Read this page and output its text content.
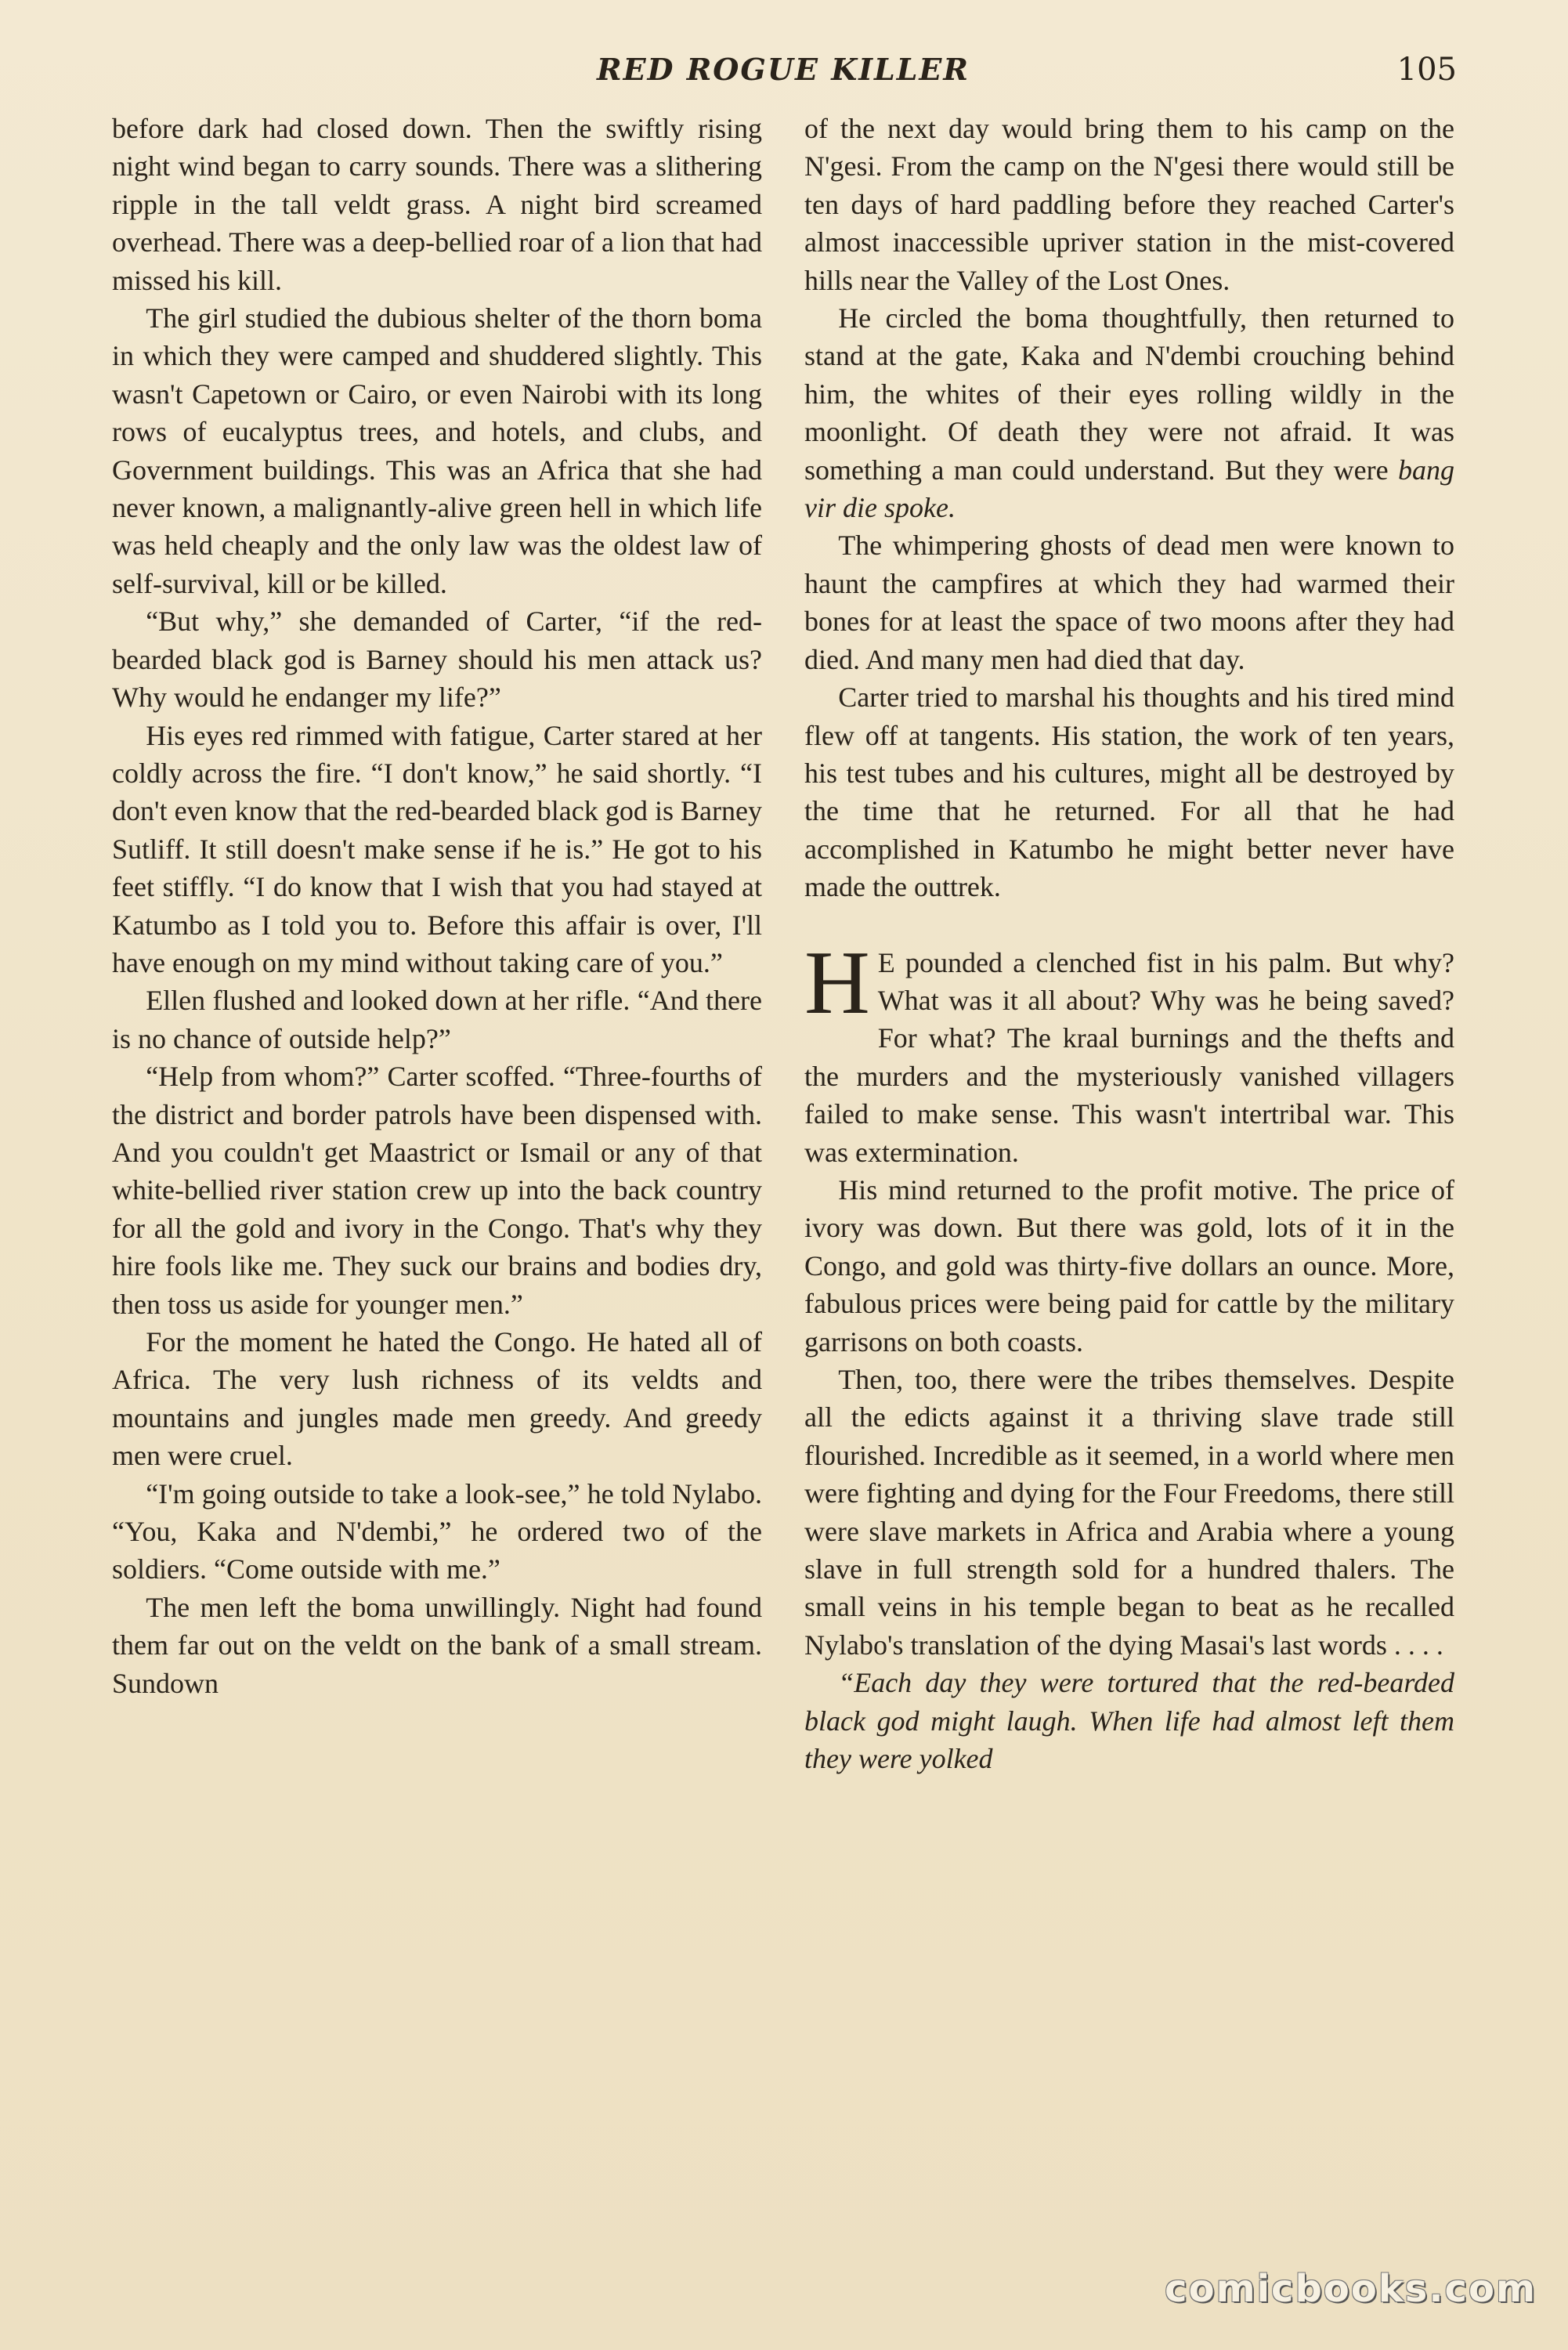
RED ROGUE KILLER	105

before dark had closed down. Then the swiftly rising night wind began to carry sounds. There was a slithering ripple in the tall veldt grass. A night bird screamed overhead. There was a deep-bellied roar of a lion that had missed his kill.

The girl studied the dubious shelter of the thorn boma in which they were camped and shuddered slightly. This wasn't Capetown or Cairo, or even Nairobi with its long rows of eucalyptus trees, and hotels, and clubs, and Government buildings. This was an Africa that she had never known, a malignantly-alive green hell in which life was held cheaply and the only law was the oldest law of self-survival, kill or be killed.

“But why,” she demanded of Carter, “if the red-bearded black god is Barney should his men attack us? Why would he endanger my life?”

His eyes red rimmed with fatigue, Carter stared at her coldly across the fire. “I don't know,” he said shortly. “I don't even know that the red-bearded black god is Barney Sutliff. It still doesn't make sense if he is.” He got to his feet stiffly. “I do know that I wish that you had stayed at Katumbo as I told you to. Before this affair is over, I'll have enough on my mind without taking care of you.”

Ellen flushed and looked down at her rifle. “And there is no chance of outside help?”

“Help from whom?” Carter scoffed. “Three-fourths of the district and border patrols have been dispensed with. And you couldn't get Maastrict or Ismail or any of that white-bellied river station crew up into the back country for all the gold and ivory in the Congo. That's why they hire fools like me. They suck our brains and bodies dry, then toss us aside for younger men.”

For the moment he hated the Congo. He hated all of Africa. The very lush richness of its veldts and mountains and jungles made men greedy. And greedy men were cruel.

“I'm going outside to take a look-see,” he told Nylabo. “You, Kaka and N'dembi,” he ordered two of the soldiers. “Come outside with me.”

The men left the boma unwillingly. Night had found them far out on the veldt on the bank of a small stream. Sundown

of the next day would bring them to his camp on the N'gesi. From the camp on the N'gesi there would still be ten days of hard paddling before they reached Carter's almost inaccessible upriver station in the mist-covered hills near the Valley of the Lost Ones.

He circled the boma thoughtfully, then returned to stand at the gate, Kaka and N'dembi crouching behind him, the whites of their eyes rolling wildly in the moonlight. Of death they were not afraid. It was something a man could understand. But they were bang vir die spoke.

The whimpering ghosts of dead men were known to haunt the campfires at which they had warmed their bones for at least the space of two moons after they had died. And many men had died that day.

Carter tried to marshal his thoughts and his tired mind flew off at tangents. His station, the work of ten years, his test tubes and his cultures, might all be destroyed by the time that he returned. For all that he had accomplished in Katumbo he might better never have made the outtrek.

H E pounded a clenched fist in his palm. But why? What was it all about? Why was he being saved? For what? The kraal burnings and the thefts and the murders and the mysteriously vanished villagers failed to make sense. This wasn't intertribal war. This was extermination.

His mind returned to the profit motive. The price of ivory was down. But there was gold, lots of it in the Congo, and gold was thirty-five dollars an ounce. More, fabulous prices were being paid for cattle by the military garrisons on both coasts.

Then, too, there were the tribes themselves. Despite all the edicts against it a thriving slave trade still flourished. Incredible as it seemed, in a world where men were fighting and dying for the Four Freedoms, there still were slave markets in Africa and Arabia where a young slave in full strength sold for a hundred thalers. The small veins in his temple began to beat as he recalled Nylabo's translation of the dying Masai's last words . . . .

“Each day they were tortured that the red-bearded black god might laugh. When life had almost left them they were yolked

comicbooks.com
